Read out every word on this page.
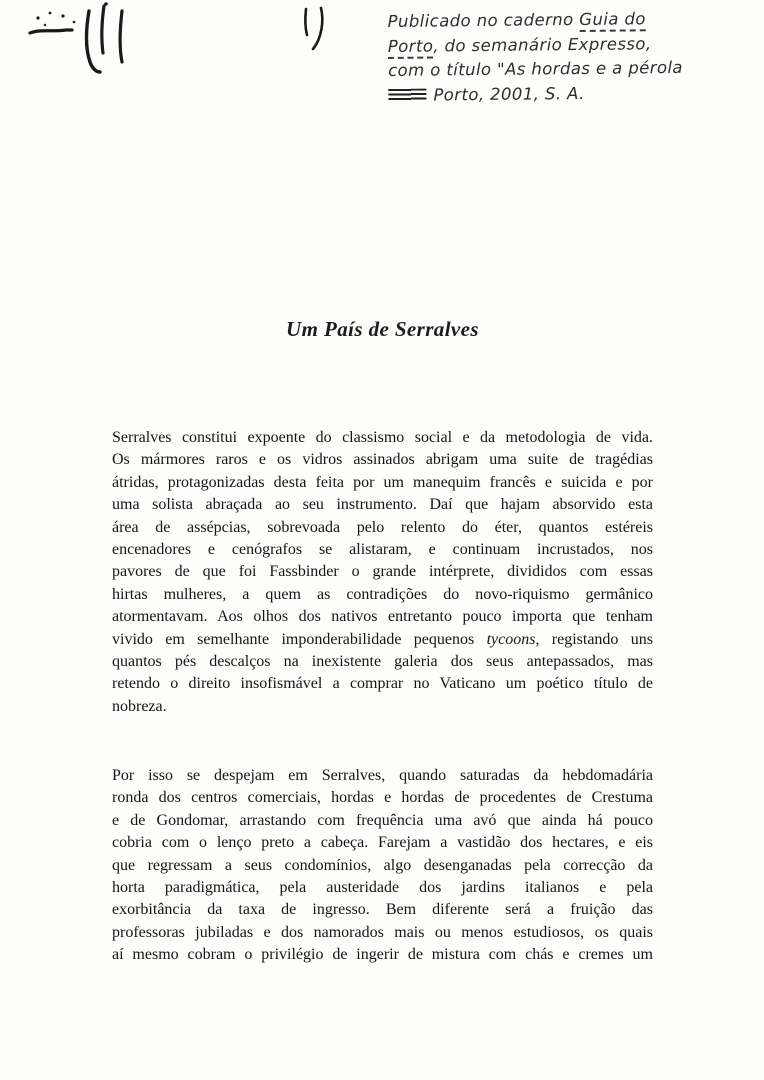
Publicado no caderno Guia do
Porto, do semanário Expresso,
com o título "As hordas e a pérola
Porto, 2001, S. A.
Um País de Serralves
Serralves constitui expoente do classismo social e da metodologia de vida.
Os mármores raros e os vidros assinados abrigam uma suite de tragédias
átridas, protagonizadas desta feita por um manequim francês e suicida e por
uma solista abraçada ao seu instrumento. Daí que hajam absorvido esta
área de assépcias, sobrevoada pelo relento do éter, quantos estéreis
encenadores e cenógrafos se alistaram, e continuam incrustados, nos
pavores de que foi Fassbinder o grande intérprete, divididos com essas
hirtas mulheres, a quem as contradições do novo-riquismo germânico
atormentavam. Aos olhos dos nativos entretanto pouco importa que tenham
vivido em semelhante imponderabilidade pequenos tycoons, registando uns
quantos pés descalços na inexistente galeria dos seus antepassados, mas
retendo o direito insofismável a comprar no Vaticano um poético título de
nobreza.
Por isso se despejam em Serralves, quando saturadas da hebdomadária
ronda dos centros comerciais, hordas e hordas de procedentes de Crestuma
e de Gondomar, arrastando com frequência uma avó que ainda há pouco
cobria com o lenço preto a cabeça. Farejam a vastidão dos hectares, e eis
que regressam a seus condomínios, algo desenganadas pela correcção da
horta paradigmática, pela austeridade dos jardins italianos e pela
exorbitância da taxa de ingresso. Bem diferente será a fruição das
professoras jubiladas e dos namorados mais ou menos estudiosos, os quais
aí mesmo cobram o privilégio de ingerir de mistura com chás e cremes um
